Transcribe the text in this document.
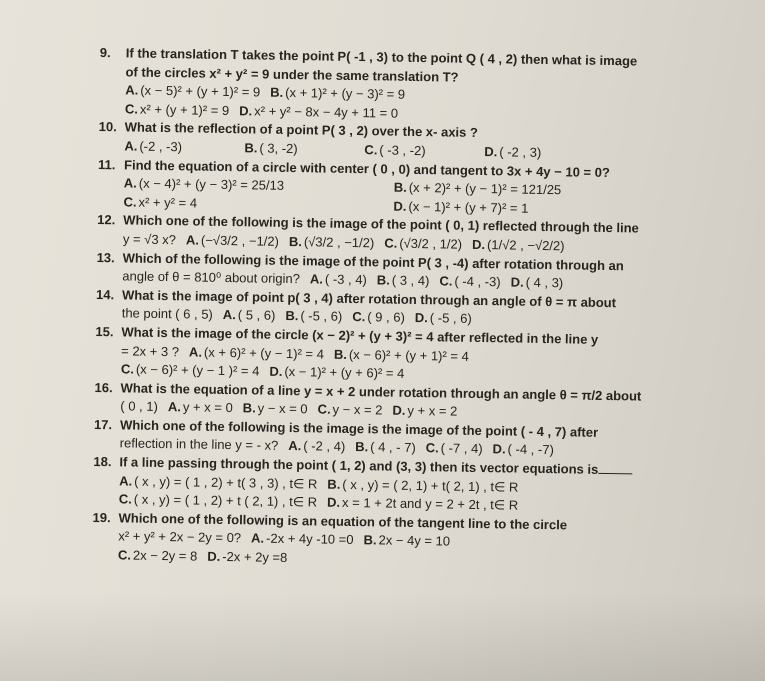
9. If the translation T takes the point P( -1 , 3) to the point Q ( 4 , 2) then what is image
of the circles x² + y² = 9 under the same translation T?
A. (x − 5)² + (y + 1)² = 9 B. (x + 1)² + (y − 3)² = 9
C. x² + (y + 1)² = 9 D. x² + y² − 8x − 4y + 11 = 0
10. What is the reflection of a point P( 3 , 2) over the x- axis ?
A. (-2 , -3)	B. ( 3, -2)	C. ( -3 , -2)	D. ( -2 , 3)
11. Find the equation of a circle with center ( 0 , 0) and tangent to 3x + 4y − 10 = 0?
A. (x − 4)² + (y − 3)² = 25/13	B. (x + 2)² + (y − 1)² = 121/25
C. x² + y² = 4	D. (x − 1)² + (y + 7)² = 1
12. Which one of the following is the image of the point ( 0, 1) reflected through the line
y = √3 x? A. (−√3/2 , −1/2) B. (√3/2 , −1/2) C. (√3/2 , 1/2) D. (1/√2 , −√2/2)
13. Which of the following is the image of the point P( 3 , -4) after rotation through an
angle of θ = 810⁰ about origin? A. ( -3 , 4) B. ( 3 , 4) C. ( -4 , -3) D. ( 4 , 3)
14. What is the image of point p( 3 , 4) after rotation through an angle of θ = π about
the point ( 6 , 5) A. ( 5 , 6) B. ( -5 , 6) C. ( 9 , 6) D. ( -5 , 6)
15. What is the image of the circle (x − 2)² + (y + 3)² = 4 after reflected in the line y
= 2x + 3 ? A. (x + 6)² + (y − 1)² = 4 B. (x − 6)² + (y + 1)² = 4
C. (x − 6)² + (y − 1 )² = 4 D. (x − 1)² + (y + 6)² = 4
16. What is the equation of a line y = x + 2 under rotation through an angle θ = π/2 about
( 0 , 1) A. y + x = 0 B. y − x = 0 C. y − x = 2 D. y + x = 2
17. Which one of the following is the image is the image of the point ( - 4 , 7) after
reflection in the line y = - x? A. ( -2 , 4) B. ( 4 , - 7) C. ( -7 , 4) D. ( -4 , -7)
18. If a line passing through the point ( 1, 2) and (3, 3) then its vector equations is
A. ( x , y) = ( 1 , 2) + t( 3 , 3) , t∈ R B. ( x , y) = ( 2, 1) + t( 2, 1) , t∈ R
C. ( x , y) = ( 1 , 2) + t ( 2, 1) , t∈ R D. x = 1 + 2t and y = 2 + 2t , t∈ R
19. Which one of the following is an equation of the tangent line to the circle
x² + y² + 2x − 2y = 0? A. -2x + 4y -10 =0 B. 2x − 4y = 10
C. 2x − 2y = 8 D. -2x + 2y =8
